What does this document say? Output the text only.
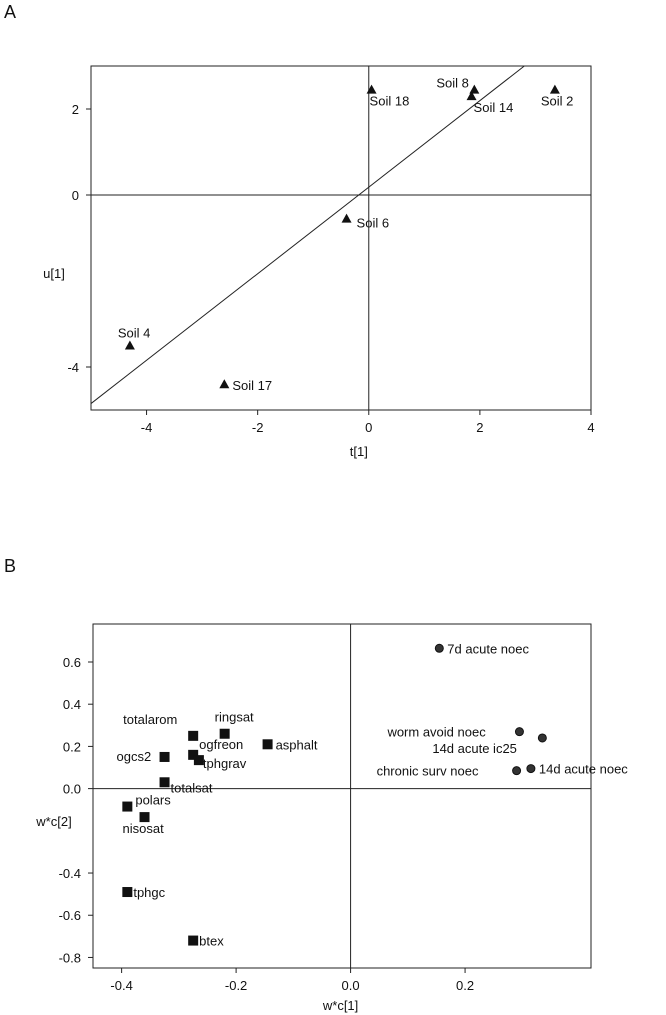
A
B
-4	-2	0	2	4
-4
0
2
t[1]
u[1]
Soil 8
Soil 18	Soil 14 Soil 2
Soil 6
Soil 4
Soil 17
-0.4	-0.2	0.0	0.2
0.6
0.4
0.2
0.0
-0.4
-0.6
-0.8
w*c[1]
w*c[2]
ringsat
totalarom
asphalt
ogfreon
ogcs2	tphgrav
totalsat
polars
nisosat
tphgc
btex
7d acute noec
worm avoid noec
14d acute ic25
chronic surv noec	14d acute noec
